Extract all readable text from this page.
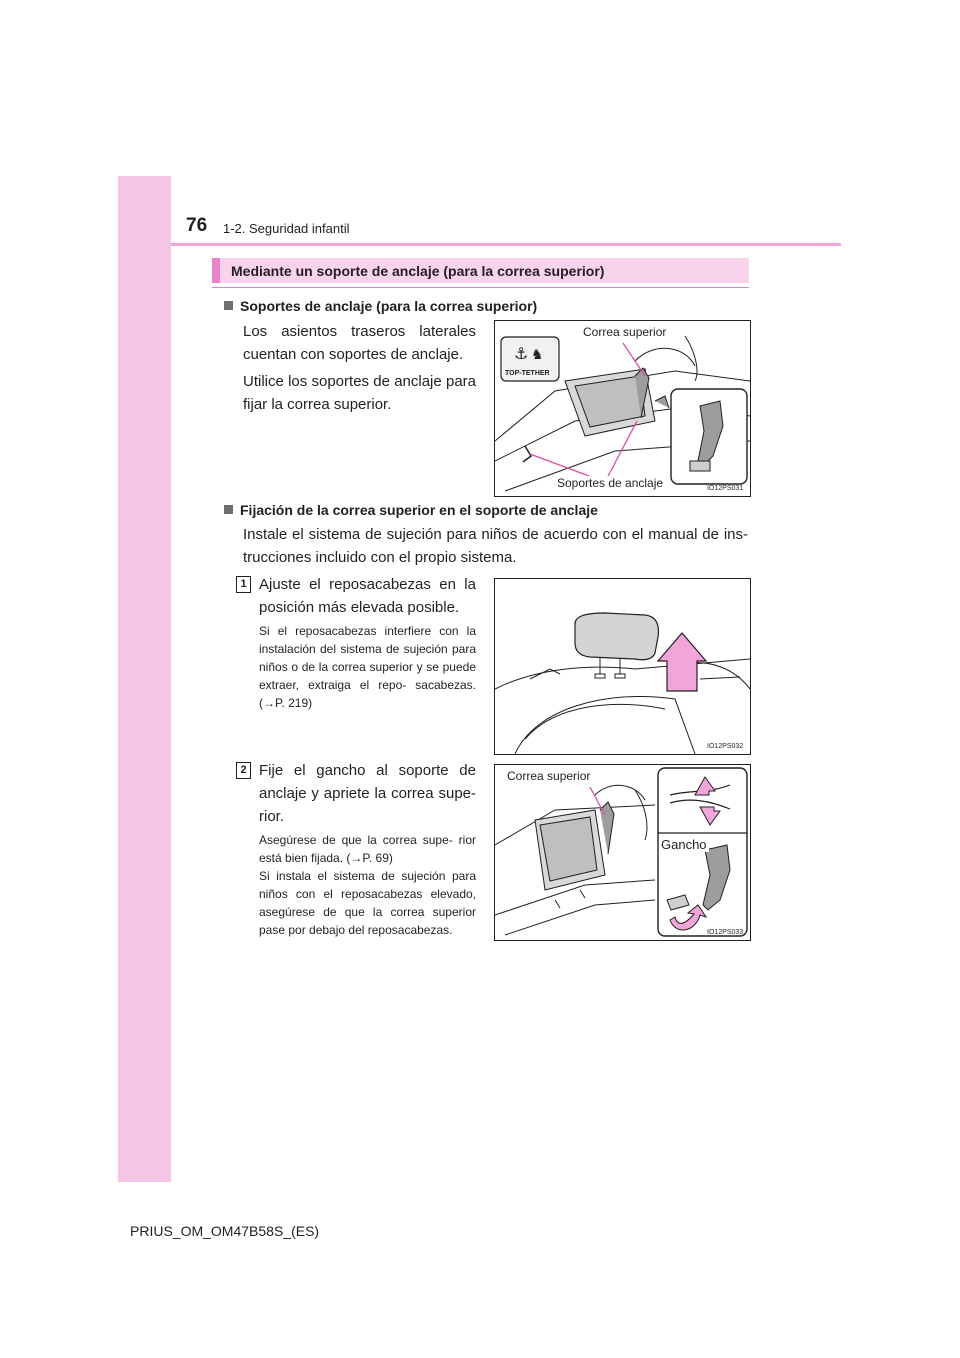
76 1-2. Seguridad infantil
Mediante un soporte de anclaje (para la correa superior)
Soportes de anclaje (para la correa superior)
Los asientos traseros laterales cuentan con soportes de anclaje.
Utilice los soportes de anclaje para fijar la correa superior.
⚓ ♞
TOP-TETHER
Correa superior
Soportes de anclaje	IO12PS031
Fijación de la correa superior en el soporte de anclaje
Instale el sistema de sujeción para niños de acuerdo con el manual de ins- trucciones incluido con el propio sistema.
1 Ajuste el reposacabezas en la posición más elevada posible.
Si el reposacabezas interfiere con la instalación del sistema de sujeción para niños o de la correa superior y se puede extraer, extraiga el repo- sacabezas. (→P. 219)
IO12PS032
2 Fije el gancho al soporte de anclaje y apriete la correa supe- rior.
Asegúrese de que la correa supe- rior está bien fijada. (→P. 69)
Si instala el sistema de sujeción para niños con el reposacabezas elevado, asegúrese de que la correa superior pase por debajo del reposacabezas.
Correa superior
Gancho
IO12PS033
PRIUS_OM_OM47B58S_(ES)
